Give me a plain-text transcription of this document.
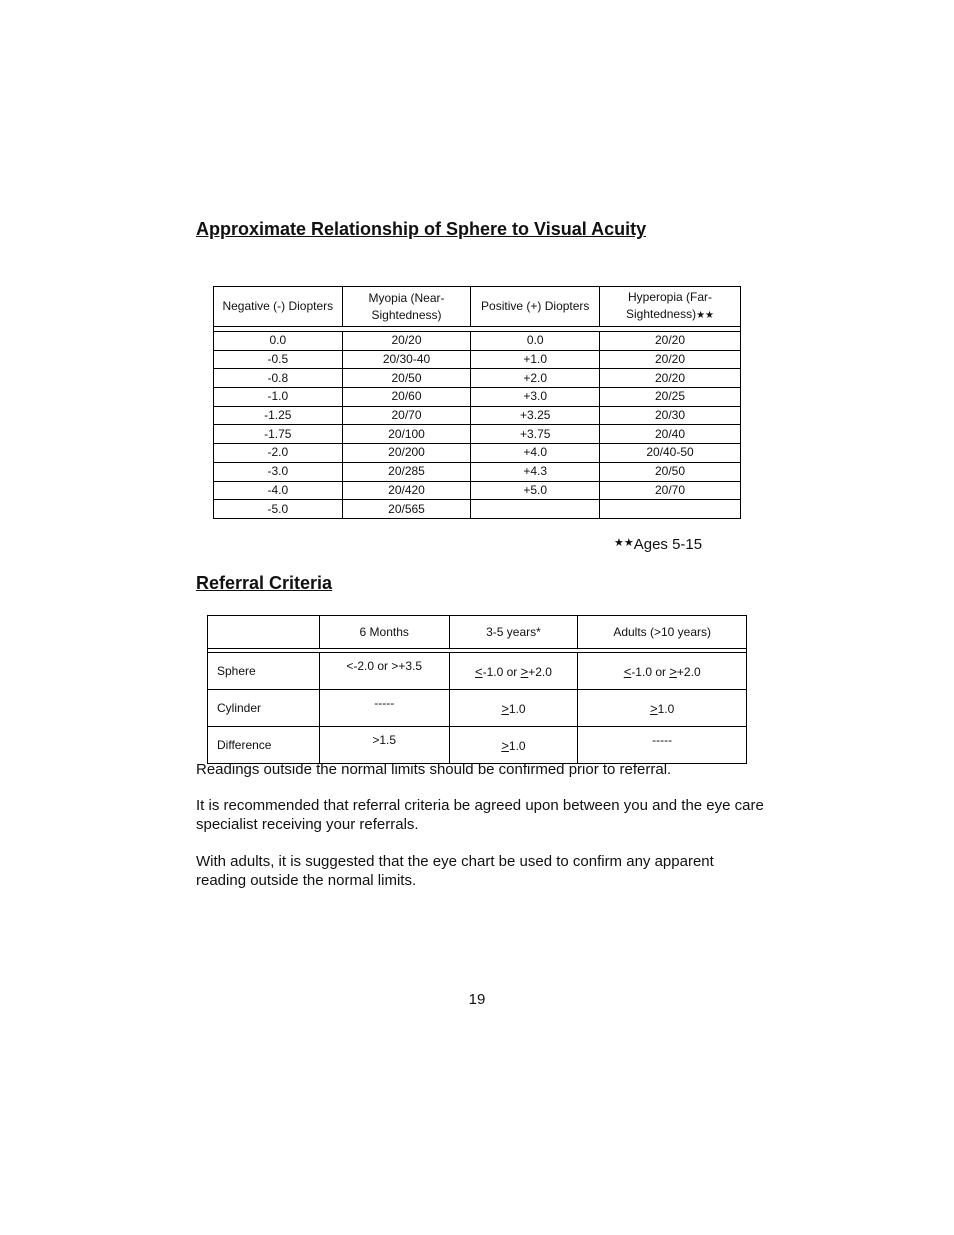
Approximate Relationship of Sphere to Visual Acuity
Negative (-) Diopters	Myopia (Near-Sightedness)	Positive (+) Diopters	Hyperopia (Far-Sightedness)★★

0.0	20/20	0.0	20/20
-0.5	20/30-40	+1.0	20/20
-0.8	20/50	+2.0	20/20
-1.0	20/60	+3.0	20/25
-1.25	20/70	+3.25	20/30
-1.75	20/100	+3.75	20/40
-2.0	20/200	+4.0	20/40-50
-3.0	20/285	+4.3	20/50
-4.0	20/420	+5.0	20/70
-5.0	20/565		
★★Ages 5-15
Referral Criteria
	6 Months	3-5 years*	Adults (>10 years)

Sphere	<-2.0 or >+3.5	<-1.0 or >+2.0	<-1.0 or >+2.0
Cylinder	-----	>1.0	>1.0
Difference	>1.5	>1.0	-----
Readings outside the normal limits should be confirmed prior to referral.
It is recommended that referral criteria be agreed upon between you and the eye care specialist receiving your referrals.
With adults, it is suggested that the eye chart be used to confirm any apparent reading outside the normal limits.
19
